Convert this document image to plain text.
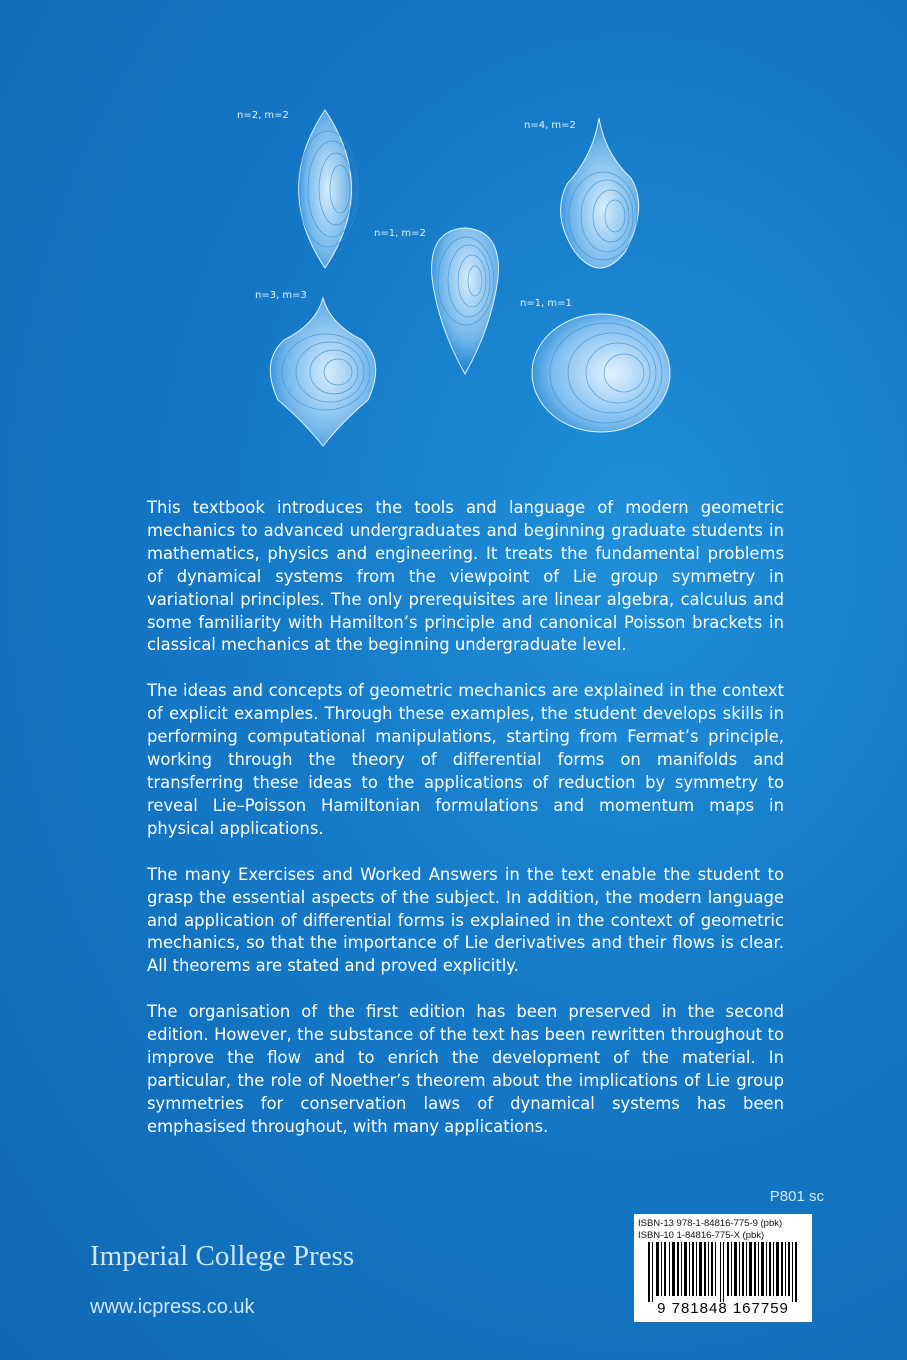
n=2, m=2
n=4, m=2
n=1, m=2
n=3, m=3
n=1, m=1

This textbook introduces the tools and language of modern geometric mechanics to advanced undergraduates and beginning graduate students in mathematics, physics and engineering. It treats the fundamental problems of dynamical systems from the viewpoint of Lie group symmetry in variational principles. The only prerequisites are linear algebra, calculus and some familiarity with Hamilton’s principle and canonical Poisson brackets in classical mechanics at the beginning undergraduate level.

The ideas and concepts of geometric mechanics are explained in the context of explicit examples. Through these examples, the student develops skills in performing computational manipulations, starting from Fermat’s principle, working through the theory of differential forms on manifolds and transferring these ideas to the applications of reduction by symmetry to reveal Lie–Poisson Hamiltonian formulations and momentum maps in physical applications.

The many Exercises and Worked Answers in the text enable the student to grasp the essential aspects of the subject. In addition, the modern language and application of differential forms is explained in the context of geometric mechanics, so that the importance of Lie derivatives and their flows is clear. All theorems are stated and proved explicitly.

The organisation of the first edition has been preserved in the second edition. However, the substance of the text has been rewritten throughout to improve the flow and to enrich the development of the material. In particular, the role of Noether’s theorem about the implications of Lie group symmetries for conservation laws of dynamical systems has been emphasised throughout, with many applications.

P801 sc
Imperial College Press
www.icpress.co.uk
ISBN-13 978-1-84816-775-9 (pbk)
ISBN-10 1-84816-775-X (pbk)
9 781848 167759
